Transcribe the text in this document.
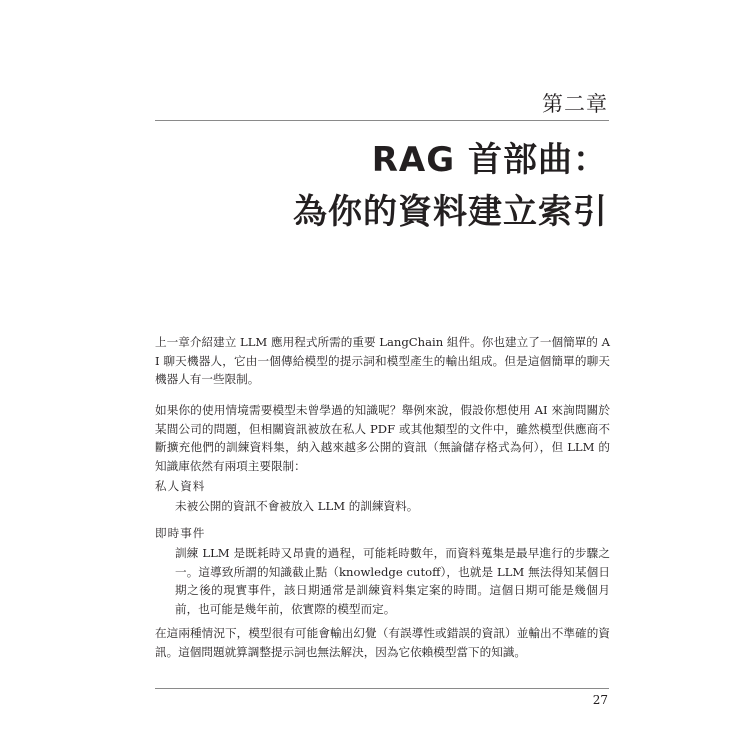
第二章
RAG 首部曲：
為你的資料建立索引

上一章介紹建立 LLM 應用程式所需的重要 LangChain 組件。你也建立了一個簡單的 AI 聊天機器人，它由一個傳給模型的提示詞和模型產生的輸出組成。但是這個簡單的聊天機器人有一些限制。

如果你的使用情境需要模型未曾學過的知識呢？舉例來說，假設你想使用 AI 來詢問關於某間公司的問題，但相關資訊被放在私人 PDF 或其他類型的文件中，雖然模型供應商不斷擴充他們的訓練資料集，納入越來越多公開的資訊（無論儲存格式為何），但 LLM 的知識庫依然有兩項主要限制：

私人資料
未被公開的資訊不會被放入 LLM 的訓練資料。
即時事件
訓練 LLM 是既耗時又昂貴的過程，可能耗時數年，而資料蒐集是最早進行的步驟之一。這導致所謂的知識截止點（knowledge cutoff），也就是 LLM 無法得知某個日期之後的現實事件，該日期通常是訓練資料集定案的時間。這個日期可能是幾個月前，也可能是幾年前，依實際的模型而定。

在這兩種情況下，模型很有可能會輸出幻覺（有誤導性或錯誤的資訊）並輸出不準確的資訊。這個問題就算調整提示詞也無法解決，因為它依賴模型當下的知識。

27
